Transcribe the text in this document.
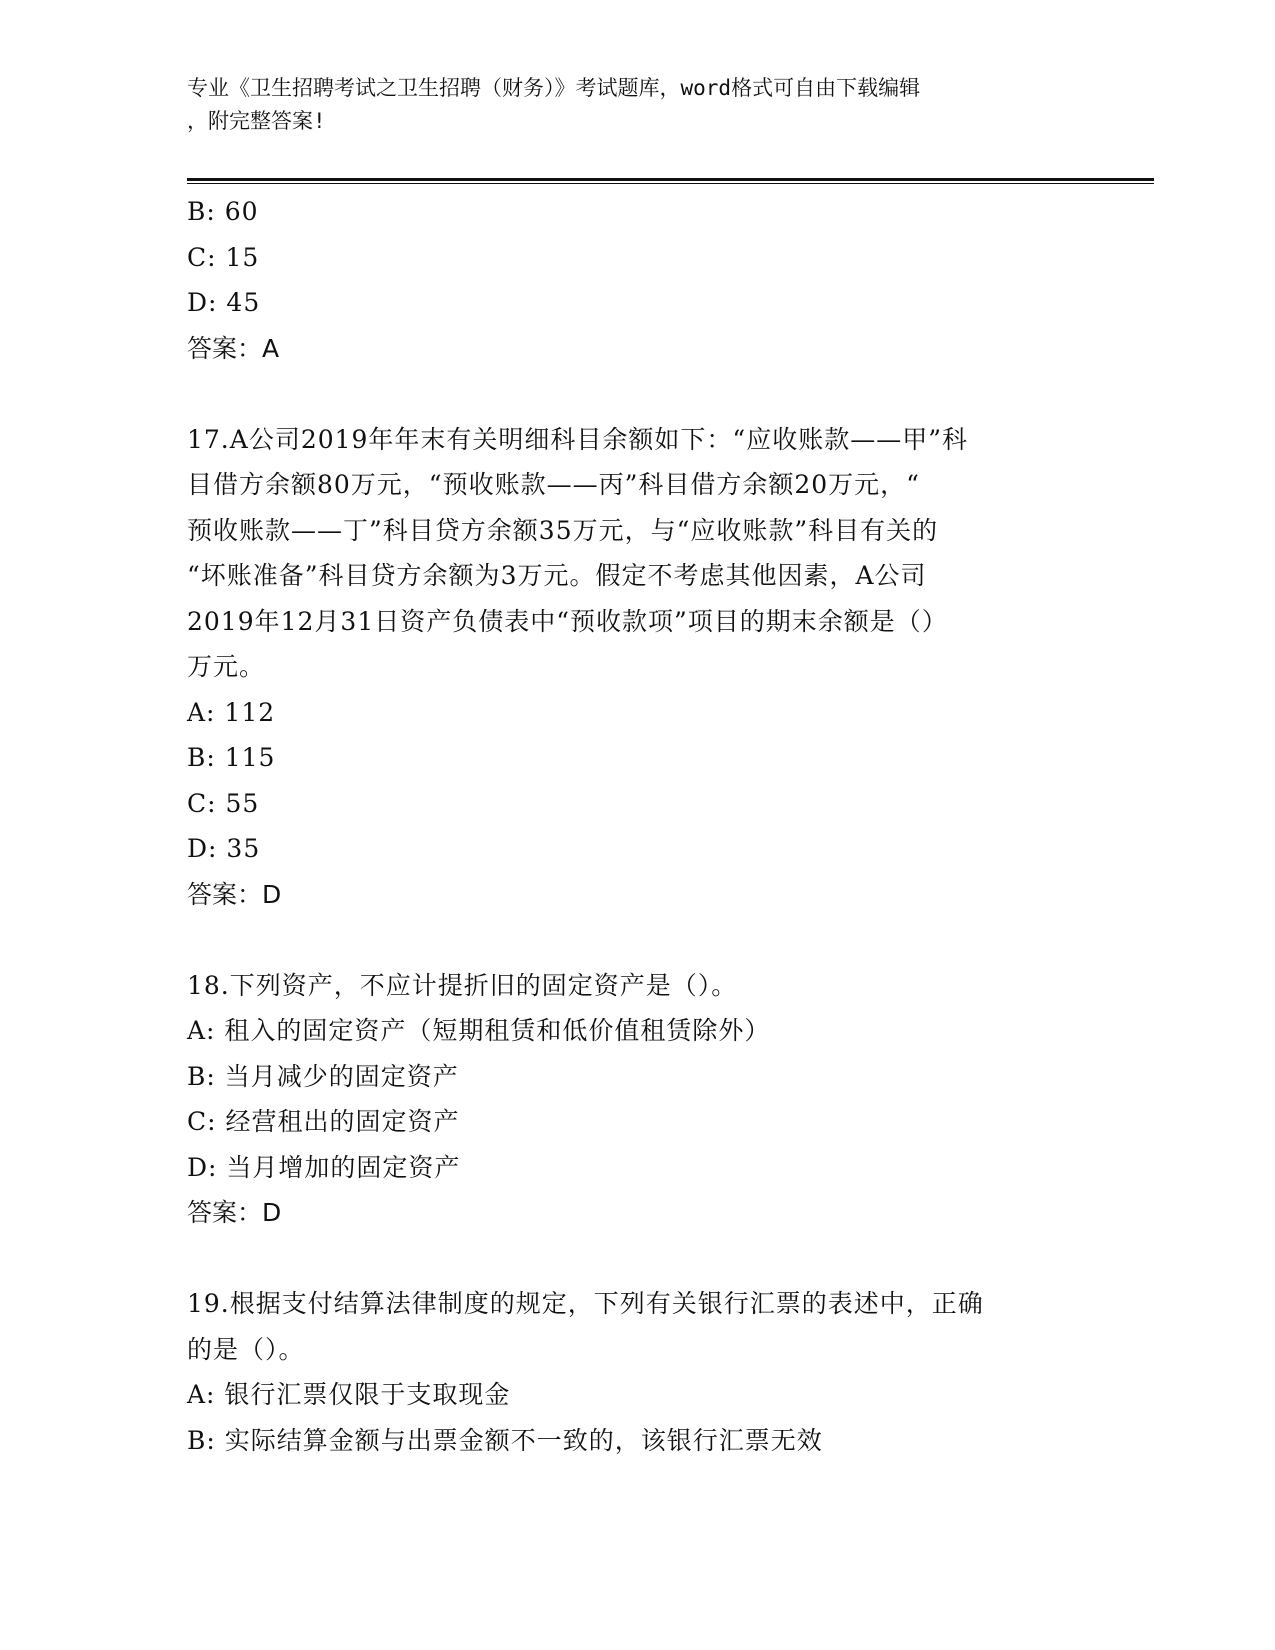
专业《卫生招聘考试之卫生招聘（财务）》考试题库，word格式可自由下载编辑
，附完整答案!
B: 60
C: 15
D: 45
答案：A
17.A公司2019年年末有关明细科目余额如下：“应收账款——甲”科
目借方余额80万元，“预收账款——丙”科目借方余额20万元，“
预收账款——丁”科目贷方余额35万元，与“应收账款”科目有关的
“坏账准备”科目贷方余额为3万元。假定不考虑其他因素，A公司
2019年12月31日资产负债表中“预收款项”项目的期末余额是（）
万元。
A: 112
B: 115
C: 55
D: 35
答案：D
18.下列资产，不应计提折旧的固定资产是（）。
A: 租入的固定资产（短期租赁和低价值租赁除外）
B: 当月减少的固定资产
C: 经营租出的固定资产
D: 当月增加的固定资产
答案：D
19.根据支付结算法律制度的规定，下列有关银行汇票的表述中，正确
的是（）。
A: 银行汇票仅限于支取现金
B: 实际结算金额与出票金额不一致的，该银行汇票无效
